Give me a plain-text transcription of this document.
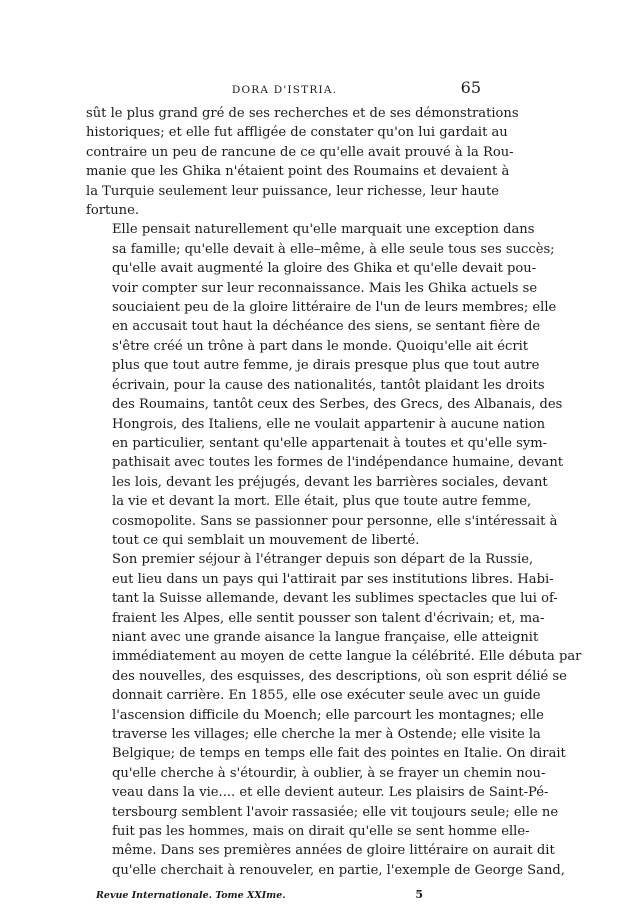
DORA D'ISTRIA.	65

sût le plus grand gré de ses recherches et de ses démonstrations
historiques; et elle fut affligée de constater qu'on lui gardait au
contraire un peu de rancune de ce qu'elle avait prouvé à la Rou-
manie que les Ghika n'étaient point des Roumains et devaient à
la Turquie seulement leur puissance, leur richesse, leur haute
fortune.

Elle pensait naturellement qu'elle marquait une exception dans
sa famille; qu'elle devait à elle–même, à elle seule tous ses succès;
qu'elle avait augmenté la gloire des Ghika et qu'elle devait pou-
voir compter sur leur reconnaissance. Mais les Ghika actuels se
souciaient peu de la gloire littéraire de l'un de leurs membres; elle
en accusait tout haut la déchéance des siens, se sentant fière de
s'être créé un trône à part dans le monde. Quoiqu'elle ait écrit
plus que tout autre femme, je dirais presque plus que tout autre
écrivain, pour la cause des nationalités, tantôt plaidant les droits
des Roumains, tantôt ceux des Serbes, des Grecs, des Albanais, des
Hongrois, des Italiens, elle ne voulait appartenir à aucune nation
en particulier, sentant qu'elle appartenait à toutes et qu'elle sym-
pathisait avec toutes les formes de l'indépendance humaine, devant
les lois, devant les préjugés, devant les barrières sociales, devant
la vie et devant la mort. Elle était, plus que toute autre femme,
cosmopolite. Sans se passionner pour personne, elle s'intéressait à
tout ce qui semblait un mouvement de liberté.

Son premier séjour à l'étranger depuis son départ de la Russie,
eut lieu dans un pays qui l'attirait par ses institutions libres. Habi-
tant la Suisse allemande, devant les sublimes spectacles que lui of-
fraient les Alpes, elle sentit pousser son talent d'écrivain; et, ma-
niant avec une grande aisance la langue française, elle atteignit
immédiatement au moyen de cette langue la célébrité. Elle débuta par
des nouvelles, des esquisses, des descriptions, où son esprit délié se
donnait carrière. En 1855, elle ose exécuter seule avec un guide
l'ascension difficile du Moench; elle parcourt les montagnes; elle
traverse les villages; elle cherche la mer à Ostende; elle visite la
Belgique; de temps en temps elle fait des pointes en Italie. On dirait
qu'elle cherche à s'étourdir, à oublier, à se frayer un chemin nou-
veau dans la vie.... et elle devient auteur. Les plaisirs de Saint-Pé-
tersbourg semblent l'avoir rassasiée; elle vit toujours seule; elle ne
fuit pas les hommes, mais on dirait qu'elle se sent homme elle-
même. Dans ses premières années de gloire littéraire on aurait dit
qu'elle cherchait à renouveler, en partie, l'exemple de George Sand,

Revue Internationale. Tome XXIme.	5
